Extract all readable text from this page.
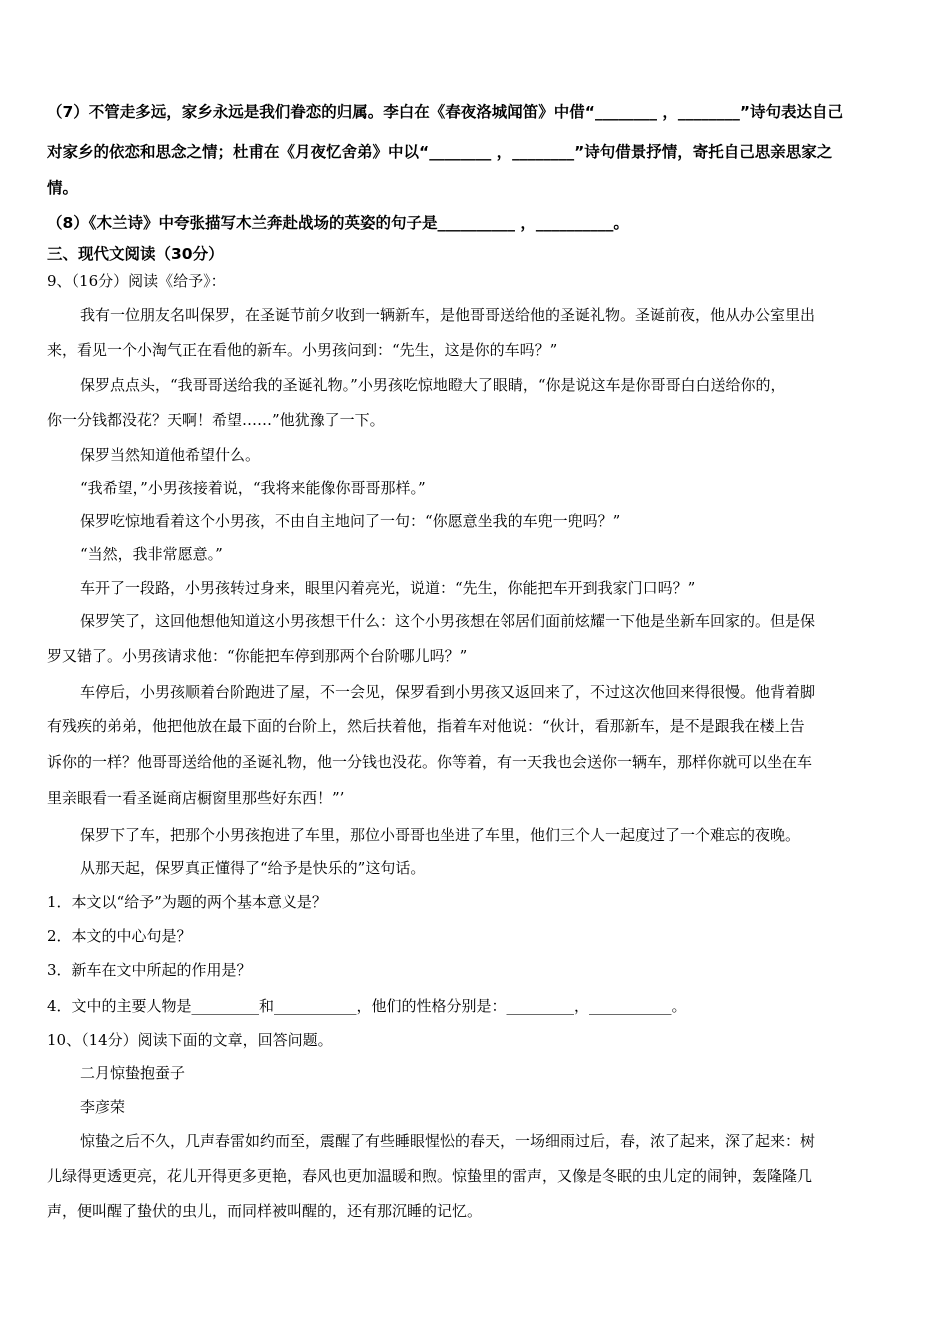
（7）不管走多远，家乡永远是我们眷恋的归属。李白在《春夜洛城闻笛》中借“________ ，________”诗句表达自己
对家乡的依恋和思念之情；杜甫在《月夜忆舍弟》中以“________ ，________”诗句借景抒情，寄托自己思亲思家之
情。
（8）《木兰诗》中夸张描写木兰奔赴战场的英姿的句子是__________ ，__________。
三、现代文阅读（30分）
9、（16分）阅读《给予》：
我有一位朋友名叫保罗，在圣诞节前夕收到一辆新车，是他哥哥送给他的圣诞礼物。圣诞前夜，他从办公室里出
来，看见一个小淘气正在看他的新车。小男孩问到：“先生，这是你的车吗？”
保罗点点头，“我哥哥送给我的圣诞礼物。”小男孩吃惊地瞪大了眼睛，“你是说这车是你哥哥白白送给你的，
你一分钱都没花？天啊！希望……”他犹豫了一下。
保罗当然知道他希望什么。
“我希望，”小男孩接着说，“我将来能像你哥哥那样。”
保罗吃惊地看着这个小男孩，不由自主地问了一句：“你愿意坐我的车兜一兜吗？”
“当然，我非常愿意。”
车开了一段路，小男孩转过身来，眼里闪着亮光，说道：“先生，你能把车开到我家门口吗？”
保罗笑了，这回他想他知道这小男孩想干什么：这个小男孩想在邻居们面前炫耀一下他是坐新车回家的。但是保
罗又错了。小男孩请求他：“你能把车停到那两个台阶哪儿吗？”
车停后，小男孩顺着台阶跑进了屋，不一会见，保罗看到小男孩又返回来了，不过这次他回来得很慢。他背着脚
有残疾的弟弟，他把他放在最下面的台阶上，然后扶着他，指着车对他说：“伙计，看那新车，是不是跟我在楼上告
诉你的一样？他哥哥送给他的圣诞礼物，他一分钱也没花。你等着，有一天我也会送你一辆车，那样你就可以坐在车
里亲眼看一看圣诞商店橱窗里那些好东西！”’
保罗下了车，把那个小男孩抱进了车里，那位小哥哥也坐进了车里，他们三个人一起度过了一个难忘的夜晚。
从那天起，保罗真正懂得了“给予是快乐的”这句话。
1．本文以“给予”为题的两个基本意义是？
2．本文的中心句是？
3．新车在文中所起的作用是？
4．文中的主要人物是_________和___________，他们的性格分别是：_________，___________。
10、（14分）阅读下面的文章，回答问题。
二月惊蛰抱蚕子
李彦荣
惊蛰之后不久，几声春雷如约而至，震醒了有些睡眼惺忪的春天，一场细雨过后，春，浓了起来，深了起来：树
儿绿得更透更亮，花儿开得更多更艳，春风也更加温暖和煦。惊蛰里的雷声，又像是冬眠的虫儿定的闹钟，轰隆隆几
声，便叫醒了蛰伏的虫儿，而同样被叫醒的，还有那沉睡的记忆。
